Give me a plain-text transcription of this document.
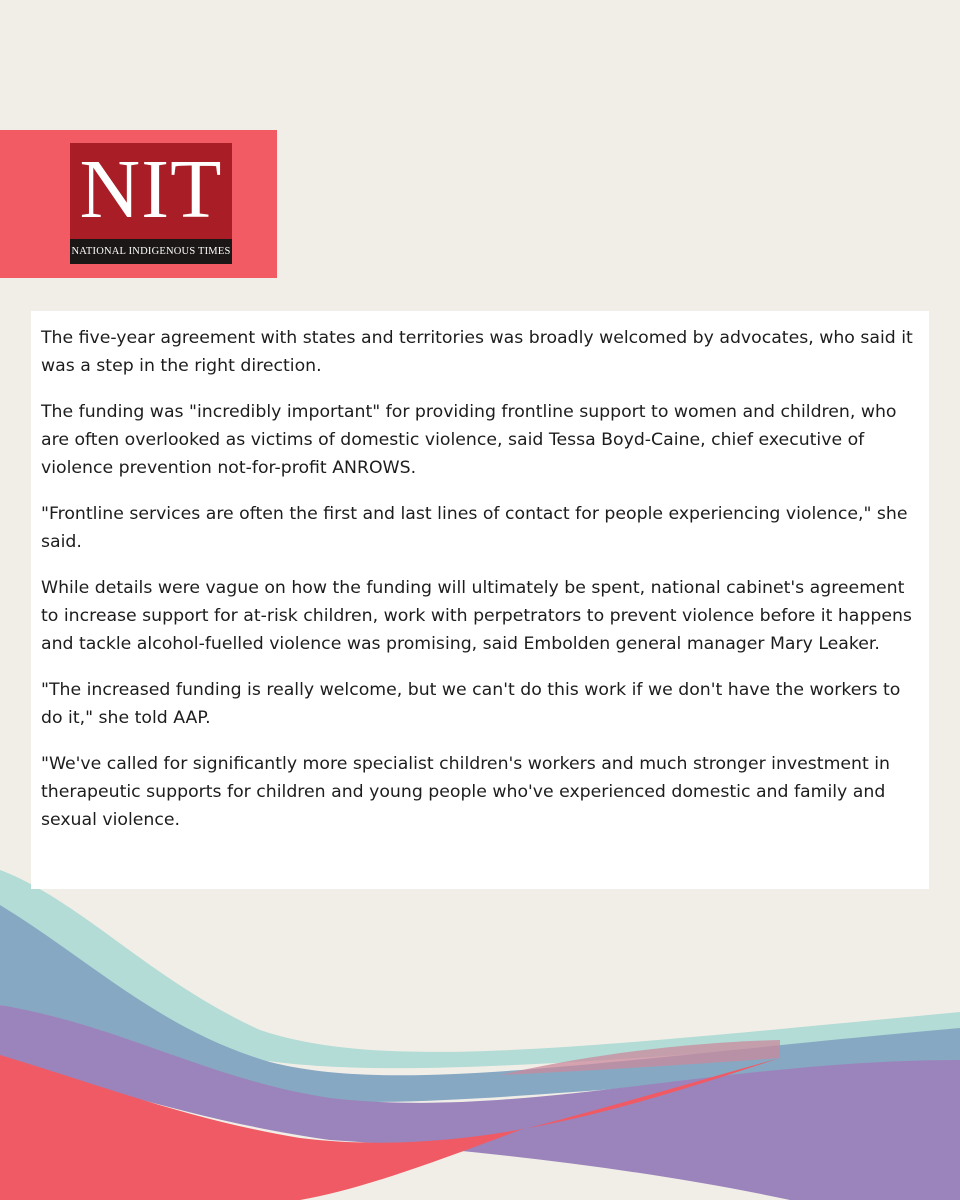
NIT
NATIONAL INDIGENOUS TIMES

The five-year agreement with states and territories was broadly welcomed by advocates, who said it was a step in the right direction.

The funding was "incredibly important" for providing frontline support to women and children, who are often overlooked as victims of domestic violence, said Tessa Boyd-Caine, chief executive of violence prevention not-for-profit ANROWS.

"Frontline services are often the first and last lines of contact for people experiencing violence," she said.

While details were vague on how the funding will ultimately be spent, national cabinet's agreement to increase support for at-risk children, work with perpetrators to prevent violence before it happens and tackle alcohol-fuelled violence was promising, said Embolden general manager Mary Leaker.

"The increased funding is really welcome, but we can't do this work if we don't have the workers to do it," she told AAP.

"We've called for significantly more specialist children's workers and much stronger investment in therapeutic supports for children and young people who've experienced domestic and family and sexual violence.
